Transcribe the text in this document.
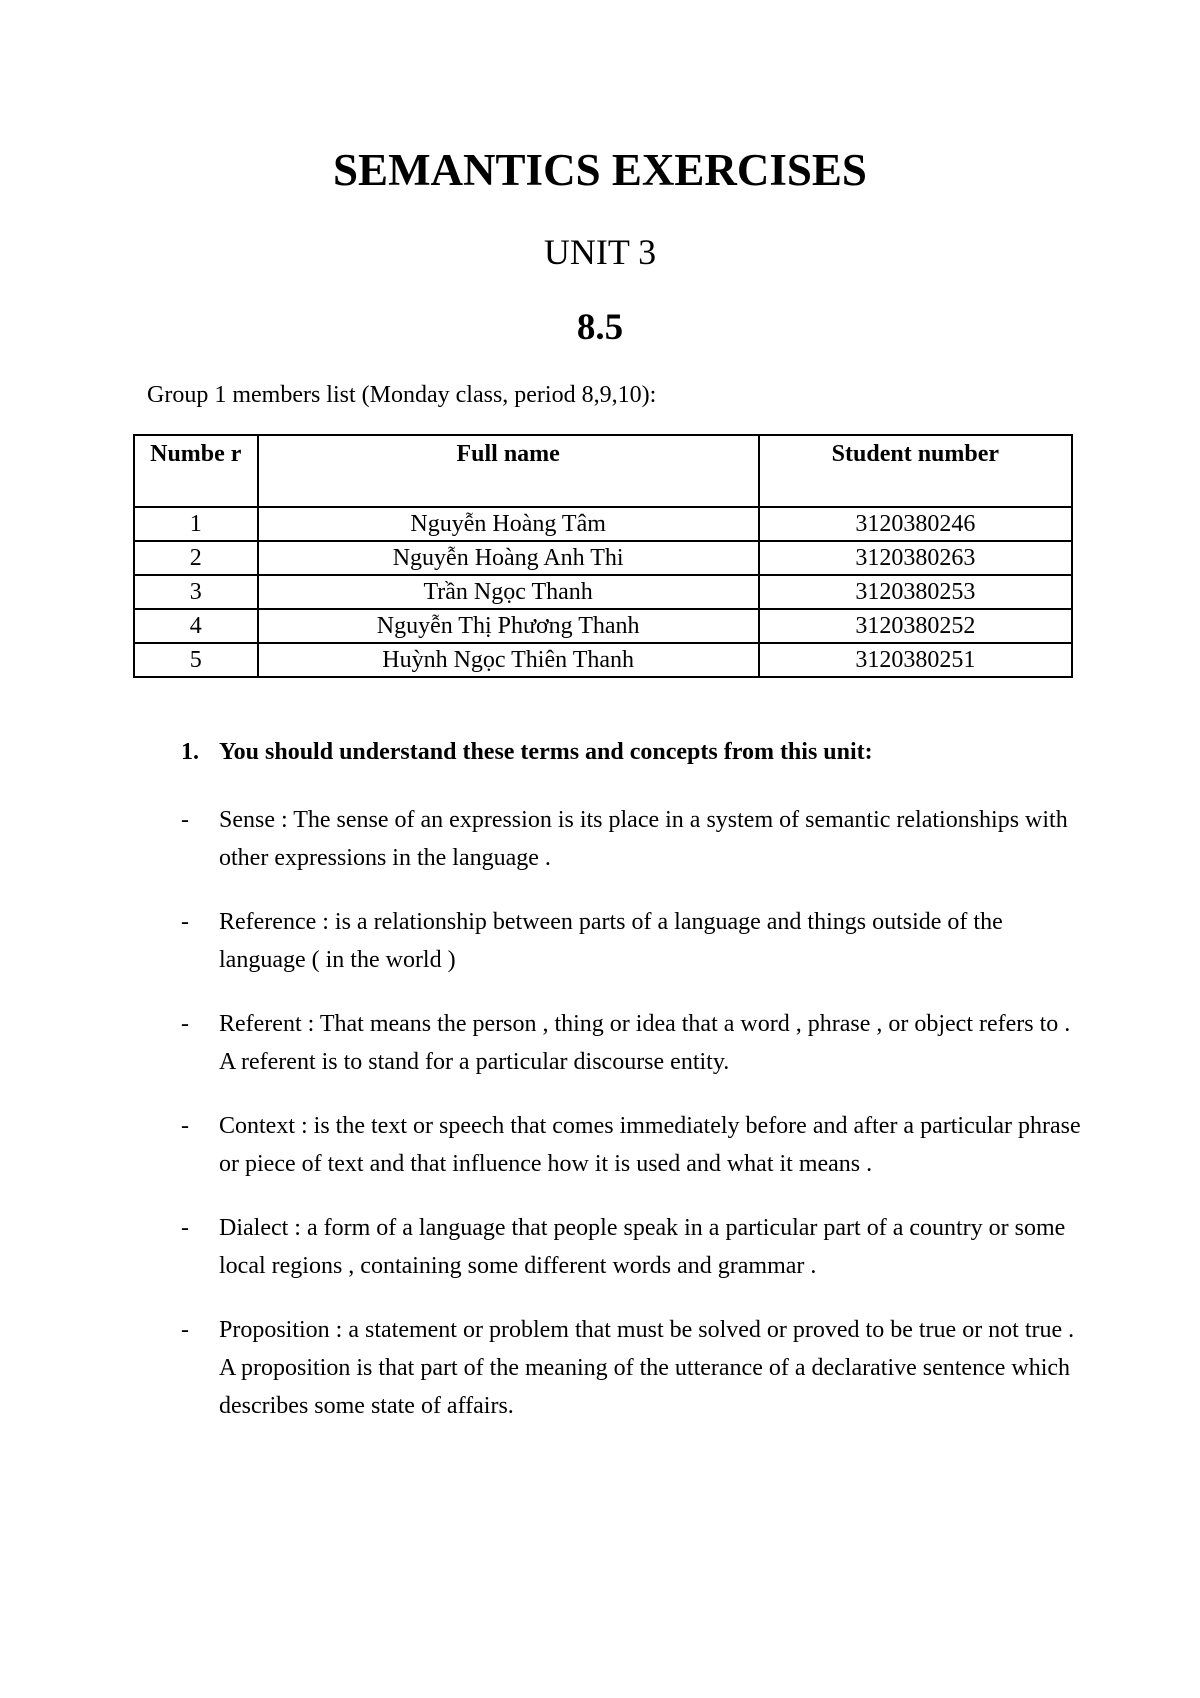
SEMANTICS EXERCISES
UNIT 3
8.5
Group 1 members list (Monday class, period 8,9,10):
Numbe r	Full name	Student number
1	Nguyễn Hoàng Tâm	3120380246
2	Nguyễn Hoàng Anh Thi	3120380263
3	Trần Ngọc Thanh	3120380253
4	Nguyễn Thị Phương Thanh	3120380252
5	Huỳnh Ngọc Thiên Thanh	3120380251
1. You should understand these terms and concepts from this unit:
- Sense : The sense of an expression is its place in a system of semantic relationships with other expressions in the language .
- Reference : is a relationship between parts of a language and things outside of the language ( in the world )
- Referent : That means the person , thing or idea that a word , phrase , or object refers to . A referent is to stand for a particular discourse entity.
- Context : is the text or speech that comes immediately before and after a particular phrase or piece of text and that influence how it is used and what it means .
- Dialect : a form of a language that people speak in a particular part of a country or some local regions , containing some different words and grammar .
- Proposition : a statement or problem that must be solved or proved to be true or not true . A proposition is that part of the meaning of the utterance of a declarative sentence which describes some state of affairs.
